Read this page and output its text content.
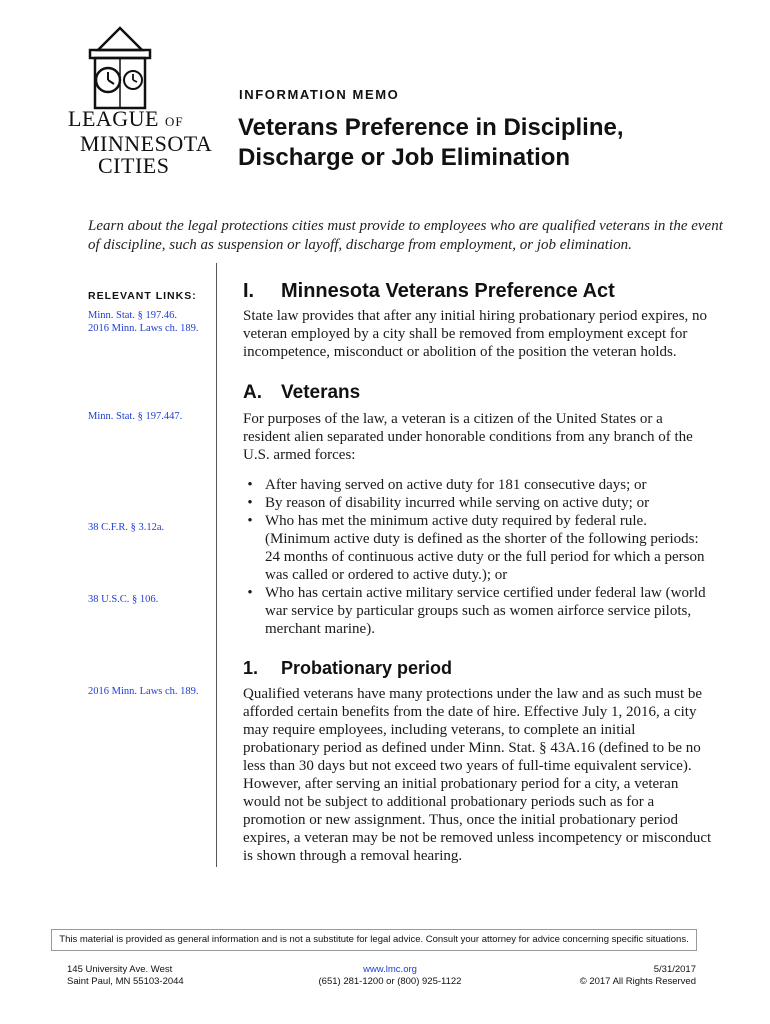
LEAGUE OF
MINNESOTA
CITIES
INFORMATION MEMO
Veterans Preference in Discipline, Discharge or Job Elimination

Learn about the legal protections cities must provide to employees who are qualified veterans in the event of discipline, such as suspension or layoff, discharge from employment, or job elimination.

RELEVANT LINKS:
Minn. Stat. § 197.46.
2016 Minn. Laws ch. 189.
Minn. Stat. § 197.447.
38 C.F.R. § 3.12a.
38 U.S.C. § 106.
2016 Minn. Laws ch. 189.
I. Minnesota Veterans Preference Act

State law provides that after any initial hiring probationary period expires, no veteran employed by a city shall be removed from employment except for incompetence, misconduct or abolition of the position the veteran holds.

A. Veterans

For purposes of the law, a veteran is a citizen of the United States or a resident alien separated under honorable conditions from any branch of the U.S. armed forces:

• After having served on active duty for 181 consecutive days; or
• By reason of disability incurred while serving on active duty; or
• Who has met the minimum active duty required by federal rule. (Minimum active duty is defined as the shorter of the following periods: 24 months of continuous active duty or the full period for which a person was called or ordered to active duty.); or
• Who has certain active military service certified under federal law (world war service by particular groups such as women airforce service pilots, merchant marine).
1. Probationary period

Qualified veterans have many protections under the law and as such must be afforded certain benefits from the date of hire. Effective July 1, 2016, a city may require employees, including veterans, to complete an initial probationary period as defined under Minn. Stat. § 43A.16 (defined to be no less than 30 days but not exceed two years of full-time equivalent service). However, after serving an initial probationary period for a city, a veteran would not be subject to additional probationary periods such as for a promotion or new assignment. Thus, once the initial probationary period expires, a veteran may be not be removed unless incompetency or misconduct is shown through a removal hearing.

This material is provided as general information and is not a substitute for legal advice. Consult your attorney for advice concerning specific situations.
145 University Ave. West
Saint Paul, MN 55103-2044
www.lmc.org
(651) 281-1200 or (800) 925-1122
5/31/2017
© 2017 All Rights Reserved
